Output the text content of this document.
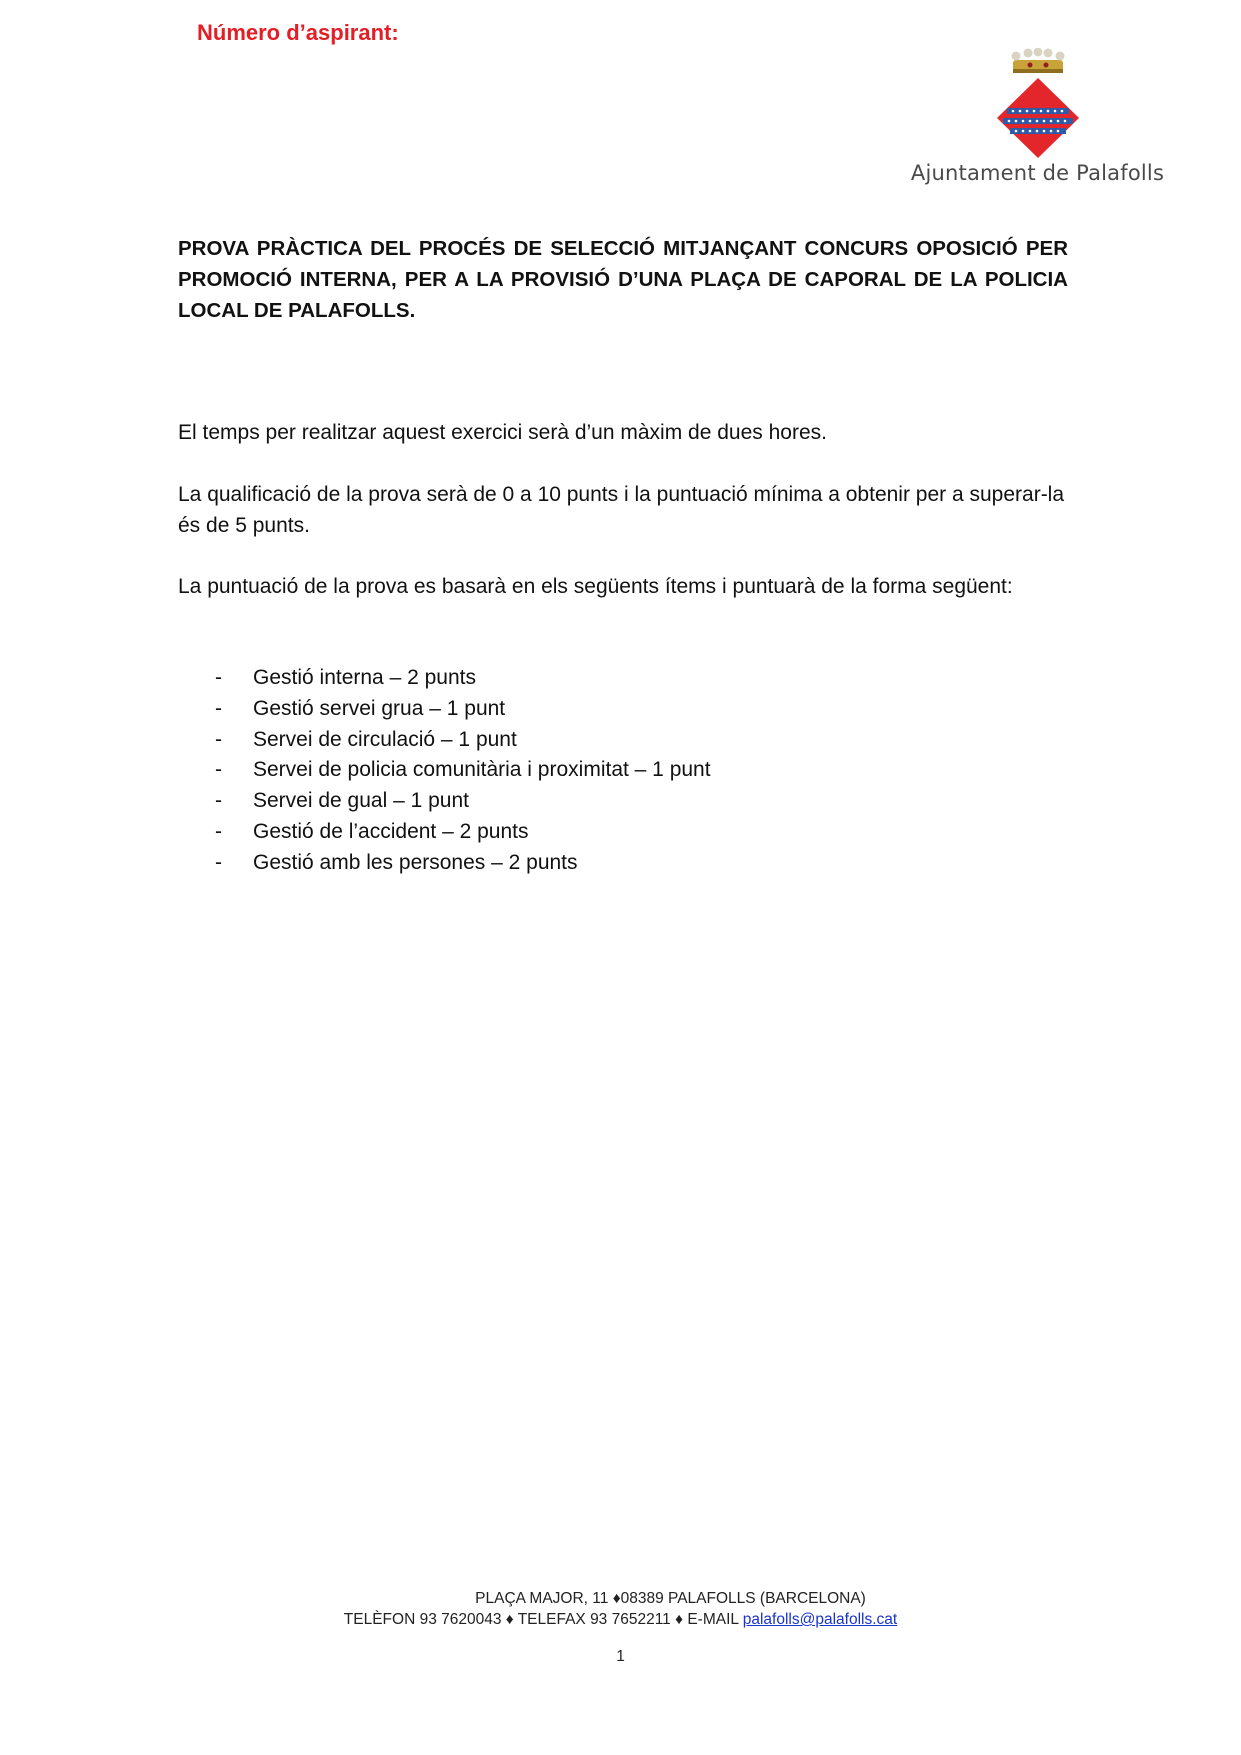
Número d’aspirant:
Ajuntament de Palafolls
PROVA PRÀCTICA DEL PROCÉS DE SELECCIÓ MITJANÇANT CONCURS OPOSICIÓ PER PROMOCIÓ INTERNA, PER A LA PROVISIÓ D’UNA PLAÇA DE CAPORAL DE LA POLICIA LOCAL DE PALAFOLLS.
El temps per realitzar aquest exercici serà d’un màxim de dues hores.
La qualificació de la prova serà de 0 a 10 punts i la puntuació mínima a obtenir per a superar-la és de 5 punts.
La puntuació de la prova es basarà en els següents ítems i puntuarà de la forma següent:
- Gestió interna – 2 punts
- Gestió servei grua – 1 punt
- Servei de circulació – 1 punt
- Servei de policia comunitària i proximitat – 1 punt
- Servei de gual – 1 punt
- Gestió de l’accident – 2 punts
- Gestió amb les persones – 2 punts
PLAÇA MAJOR, 11 ♦08389 PALAFOLLS (BARCELONA)
TELÈFON 93 7620043 ♦ TELEFAX 93 7652211 ♦ E-MAIL palafolls@palafolls.cat
1
